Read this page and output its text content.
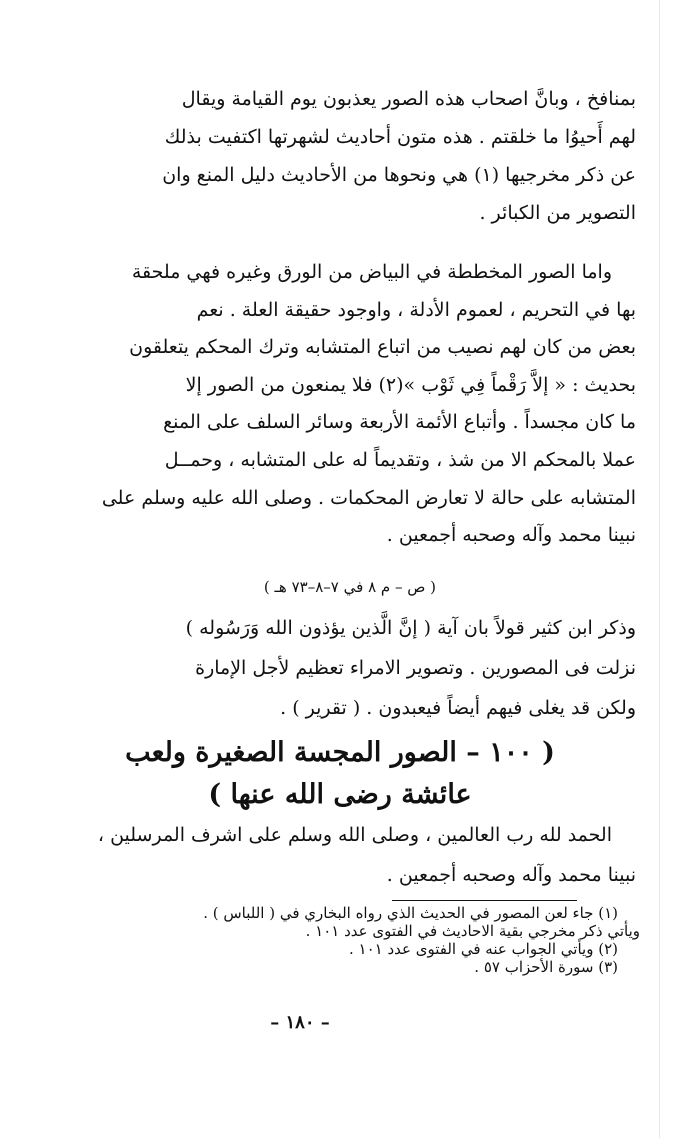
بمنافخ ، وبانَّ اصحاب هذه الصور يعذبون يوم القيامة ويقال
لهم أَحيوُا ما خلقتم . هذه متون أحاديث لشهرتها اكتفيت بذلك
عن ذكر مخرجيها (١) هي ونحوها من الأحاديث دليل المنع وان
التصوير من الكبائر .
واما الصور المخططة في البياض من الورق وغيره فهي ملحقة
بها في التحريم ، لعموم الأدلة ، واوجود حقيقة العلة . نعم
بعض من كان لهم نصيب من اتباع المتشابه وترك المحكم يتعلقون
بحديث : « إلاَّ رَقْماً فِي ثَوْب »(٢) فلا يمنعون من الصور إلا
ما كان مجسداً . وأتباع الأئمة الأربعة وسائر السلف على المنع
عملا بالمحكم الا من شذ ، وتقديماً له على المتشابه ، وحمــل
المتشابه على حالة لا تعارض المحكمات . وصلى الله عليه وسلم على
نبينا محمد وآله وصحبه أجمعين .
( ص – م ٨ في ٧–٨–٧٣ هـ )
وذكر ابن كثير قولاً بان آية ( إنَّ الَّذين يؤذون الله وَرَسُوله )
نزلت فى المصورين . وتصوير الامراء تعظيم لأجل الإمارة
ولكن قد يغلى فيهم أيضاً فيعبدون . ( تقرير ) .
( ١٠٠ – الصور المجسة الصغيرة ولعب
عائشة رضى الله عنها )
الحمد لله رب العالمين ، وصلى الله وسلم على اشرف المرسلين ،
نبينا محمد وآله وصحبه أجمعين .
(١) جاء لعن المصور في الحديث الذي رواه البخاري في ( اللباس ) .
ويأتي ذكر مخرجي بقية الاحاديث في الفتوى عدد ١٠١ .
(٢) ويأتي الجواب عنه في الفتوى عدد ١٠١ .
(٣) سورة الأحزاب ٥٧ .
– ١٨٠ –
